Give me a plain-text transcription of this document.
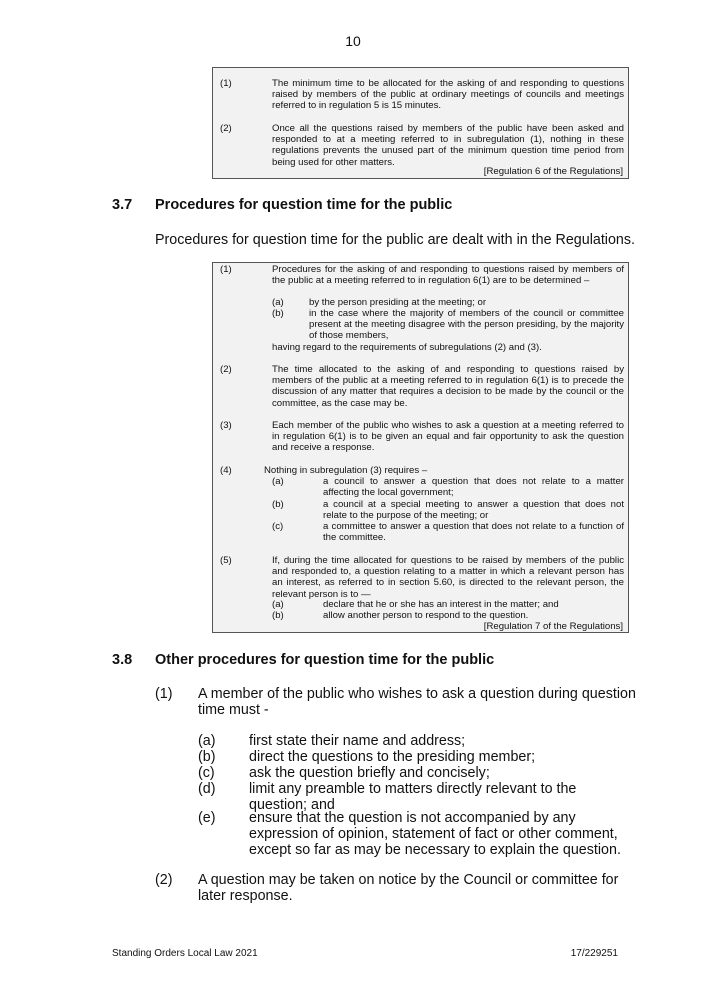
10
(1)	The minimum time to be allocated for the asking of and responding to questions raised by members of the public at ordinary meetings of councils and meetings referred to in regulation 5 is 15 minutes.
(2)	Once all the questions raised by members of the public have been asked and responded to at a meeting referred to in subregulation (1), nothing in these regulations prevents the unused part of the minimum question time period from being used for other matters.
[Regulation 6 of the Regulations]
3.7 Procedures for question time for the public
Procedures for question time for the public are dealt with in the Regulations.
(1)	Procedures for the asking of and responding to questions raised by members of the public at a meeting referred to in regulation 6(1) are to be determined –
(a)	by the person presiding at the meeting; or
(b)	in the case where the majority of members of the council or committee present at the meeting disagree with the person presiding, by the majority of those members,
having regard to the requirements of subregulations (2) and (3).
(2)	The time allocated to the asking of and responding to questions raised by members of the public at a meeting referred to in regulation 6(1) is to precede the discussion of any matter that requires a decision to be made by the council or the committee, as the case may be.
(3)	Each member of the public who wishes to ask a question at a meeting referred to in regulation 6(1) is to be given an equal and fair opportunity to ask the question and receive a response.
(4)	Nothing in subregulation (3) requires –
(a)	a council to answer a question that does not relate to a matter affecting the local government;
(b)	a council at a special meeting to answer a question that does not relate to the purpose of the meeting; or
(c)	a committee to answer a question that does not relate to a function of the committee.
(5)	If, during the time allocated for questions to be raised by members of the public and responded to, a question relating to a matter in which a relevant person has an interest, as referred to in section 5.60, is directed to the relevant person, the relevant person is to —
(a)	declare that he or she has an interest in the matter; and
(b)	allow another person to respond to the question.
[Regulation 7 of the Regulations]
3.8 Other procedures for question time for the public
(1) A member of the public who wishes to ask a question during question time must -
(a) first state their name and address;
(b) direct the questions to the presiding member;
(c) ask the question briefly and concisely;
(d) limit any preamble to matters directly relevant to the question; and
(e) ensure that the question is not accompanied by any expression of opinion, statement of fact or other comment, except so far as may be necessary to explain the question.
(2) A question may be taken on notice by the Council or committee for later response.
Standing Orders Local Law 2021	17/229251
